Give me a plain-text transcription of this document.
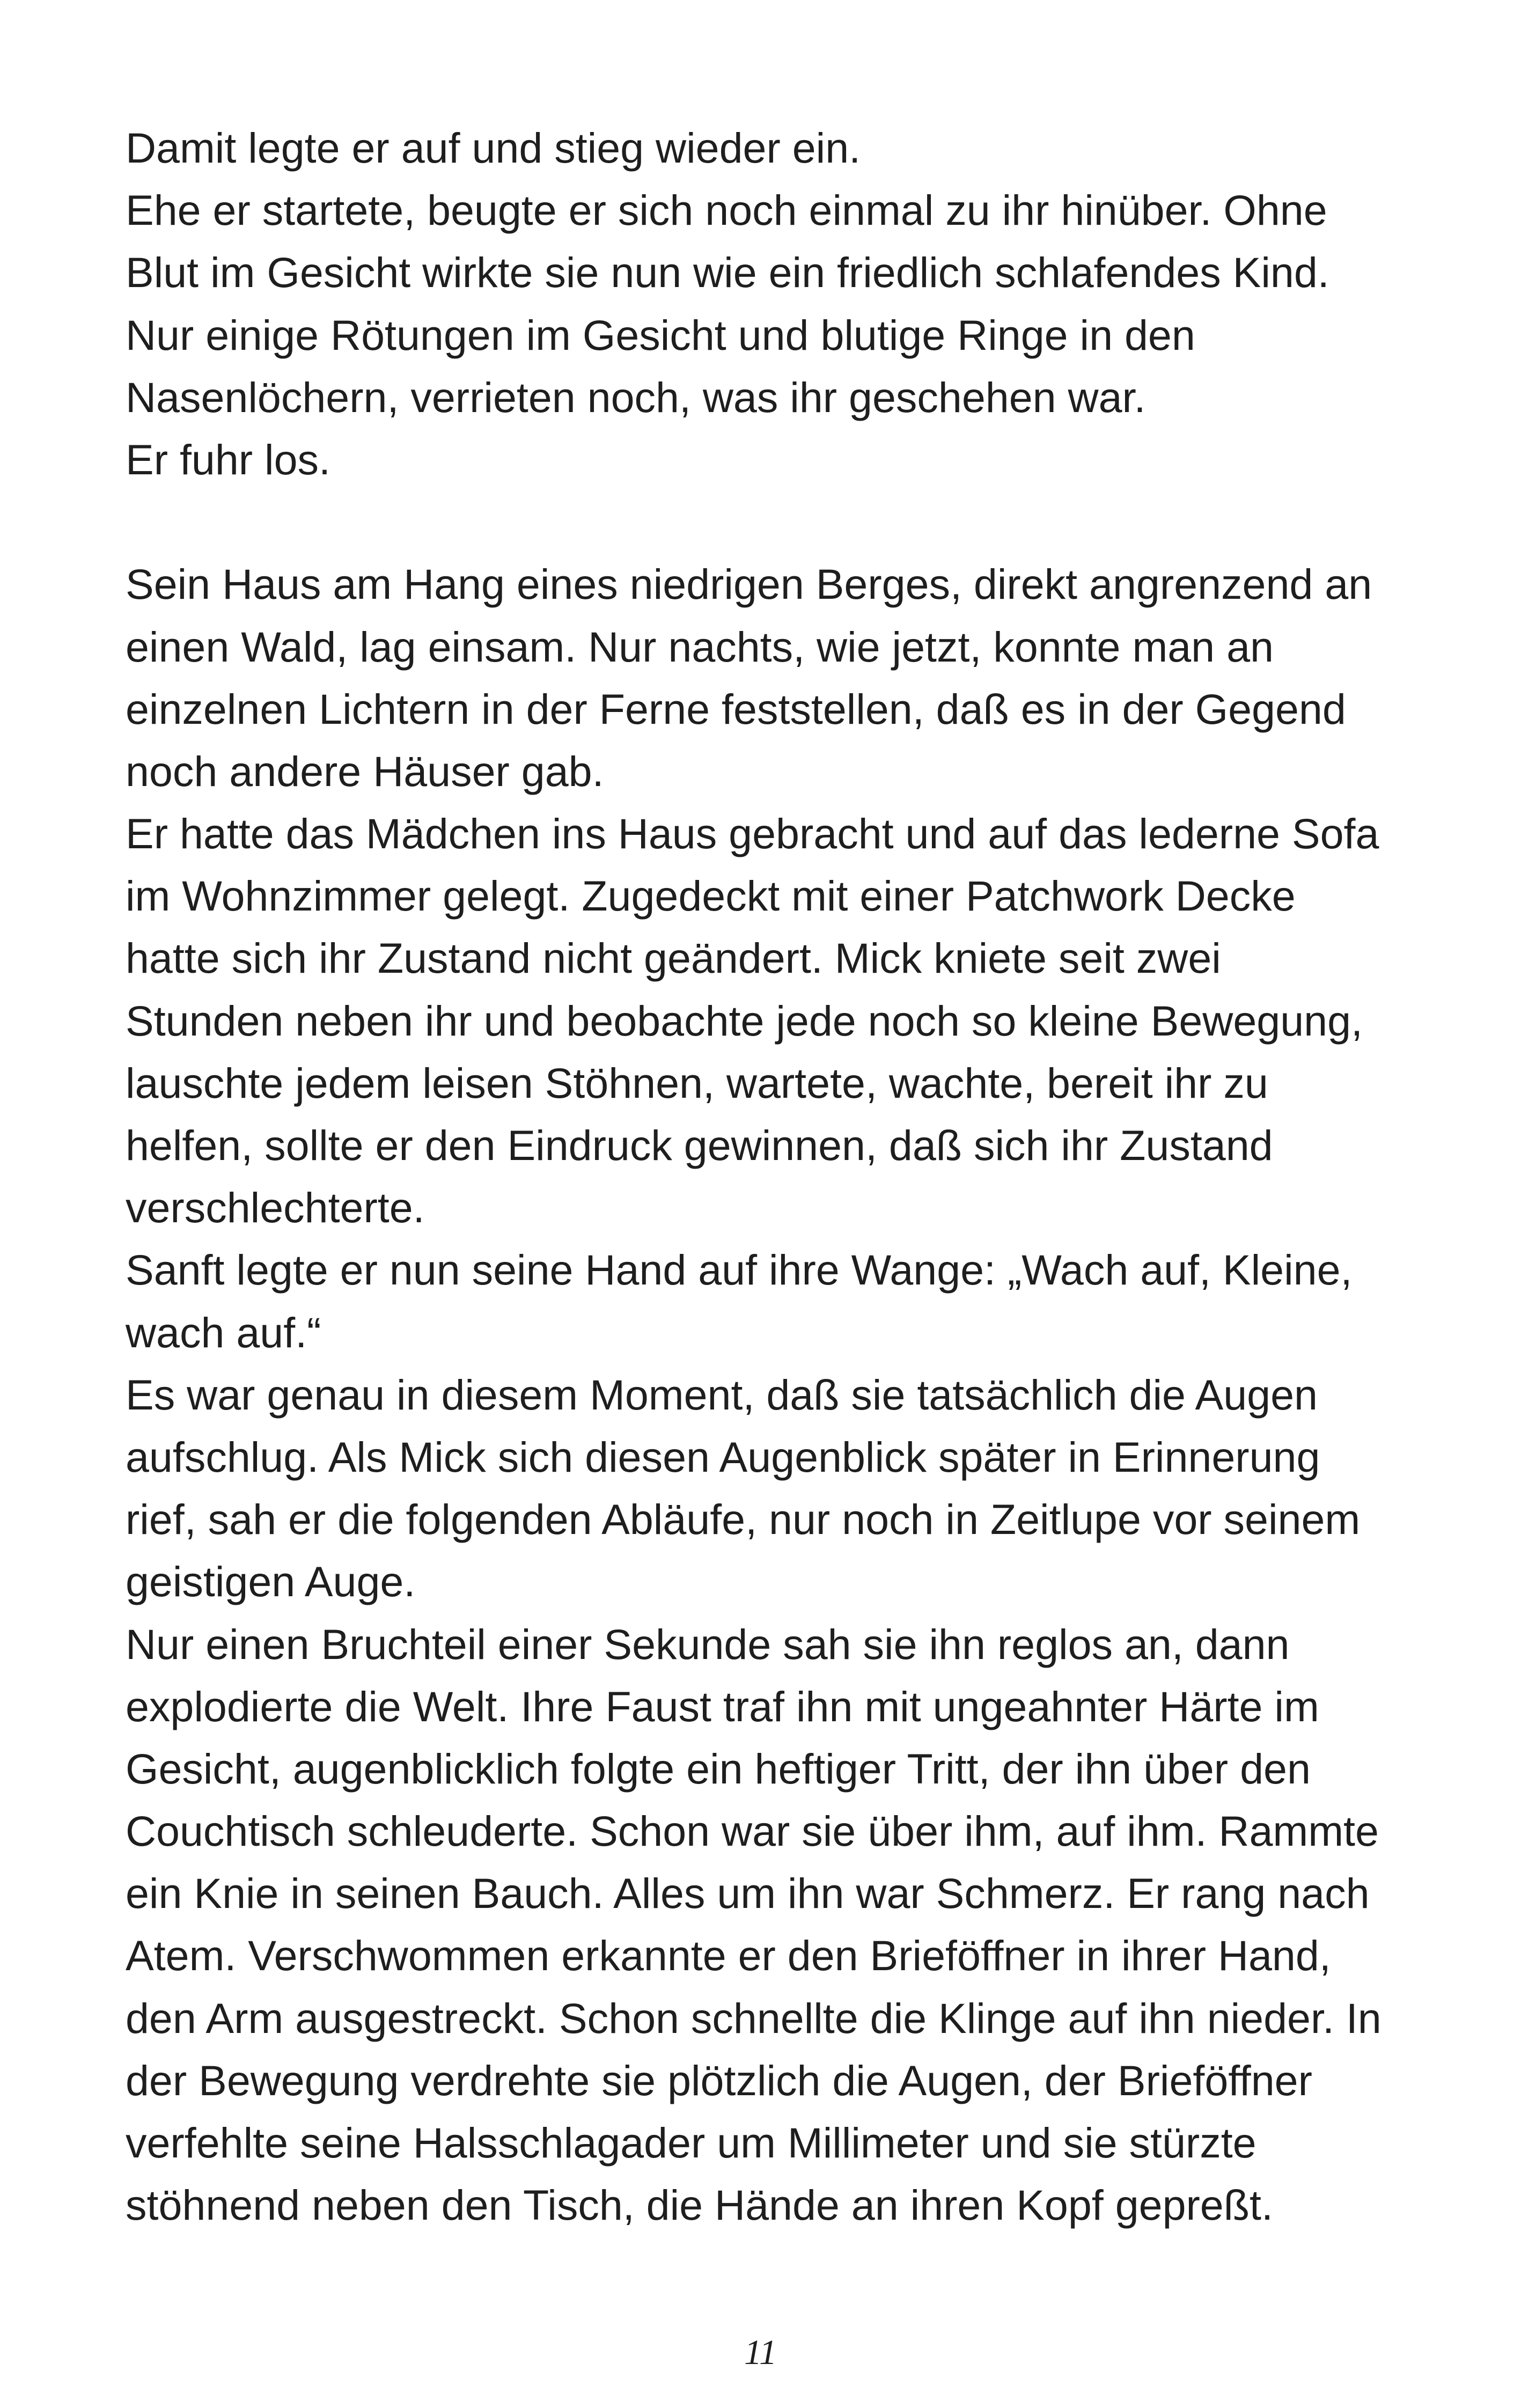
Damit legte er auf und stieg wieder ein.
Ehe er startete, beugte er sich noch einmal zu ihr hinüber. Ohne
Blut im Gesicht wirkte sie nun wie ein friedlich schlafendes Kind.
Nur einige Rötungen im Gesicht und blutige Ringe in den
Nasenlöchern, verrieten noch, was ihr geschehen war.
Er fuhr los.
Sein Haus am Hang eines niedrigen Berges, direkt angrenzend an
einen Wald, lag einsam. Nur nachts, wie jetzt, konnte man an
einzelnen Lichtern in der Ferne feststellen, daß es in der Gegend
noch andere Häuser gab.
Er hatte das Mädchen ins Haus gebracht und auf das lederne Sofa
im Wohnzimmer gelegt. Zugedeckt mit einer Patchwork Decke
hatte sich ihr Zustand nicht geändert. Mick kniete seit zwei
Stunden neben ihr und beobachte jede noch so kleine Bewegung,
lauschte jedem leisen Stöhnen, wartete, wachte, bereit ihr zu
helfen, sollte er den Eindruck gewinnen, daß sich ihr Zustand
verschlechterte.
Sanft legte er nun seine Hand auf ihre Wange: „Wach auf, Kleine,
wach auf.“
Es war genau in diesem Moment, daß sie tatsächlich die Augen
aufschlug. Als Mick sich diesen Augenblick später in Erinnerung
rief, sah er die folgenden Abläufe, nur noch in Zeitlupe vor seinem
geistigen Auge.
Nur einen Bruchteil einer Sekunde sah sie ihn reglos an, dann
explodierte die Welt. Ihre Faust traf ihn mit ungeahnter Härte im
Gesicht, augenblicklich folgte ein heftiger Tritt, der ihn über den
Couchtisch schleuderte. Schon war sie über ihm, auf ihm. Rammte
ein Knie in seinen Bauch. Alles um ihn war Schmerz. Er rang nach
Atem. Verschwommen erkannte er den Brieföffner in ihrer Hand,
den Arm ausgestreckt. Schon schnellte die Klinge auf ihn nieder. In
der Bewegung verdrehte sie plötzlich die Augen, der Brieföffner
verfehlte seine Halsschlagader um Millimeter und sie stürzte
stöhnend neben den Tisch, die Hände an ihren Kopf gepreßt.
11
